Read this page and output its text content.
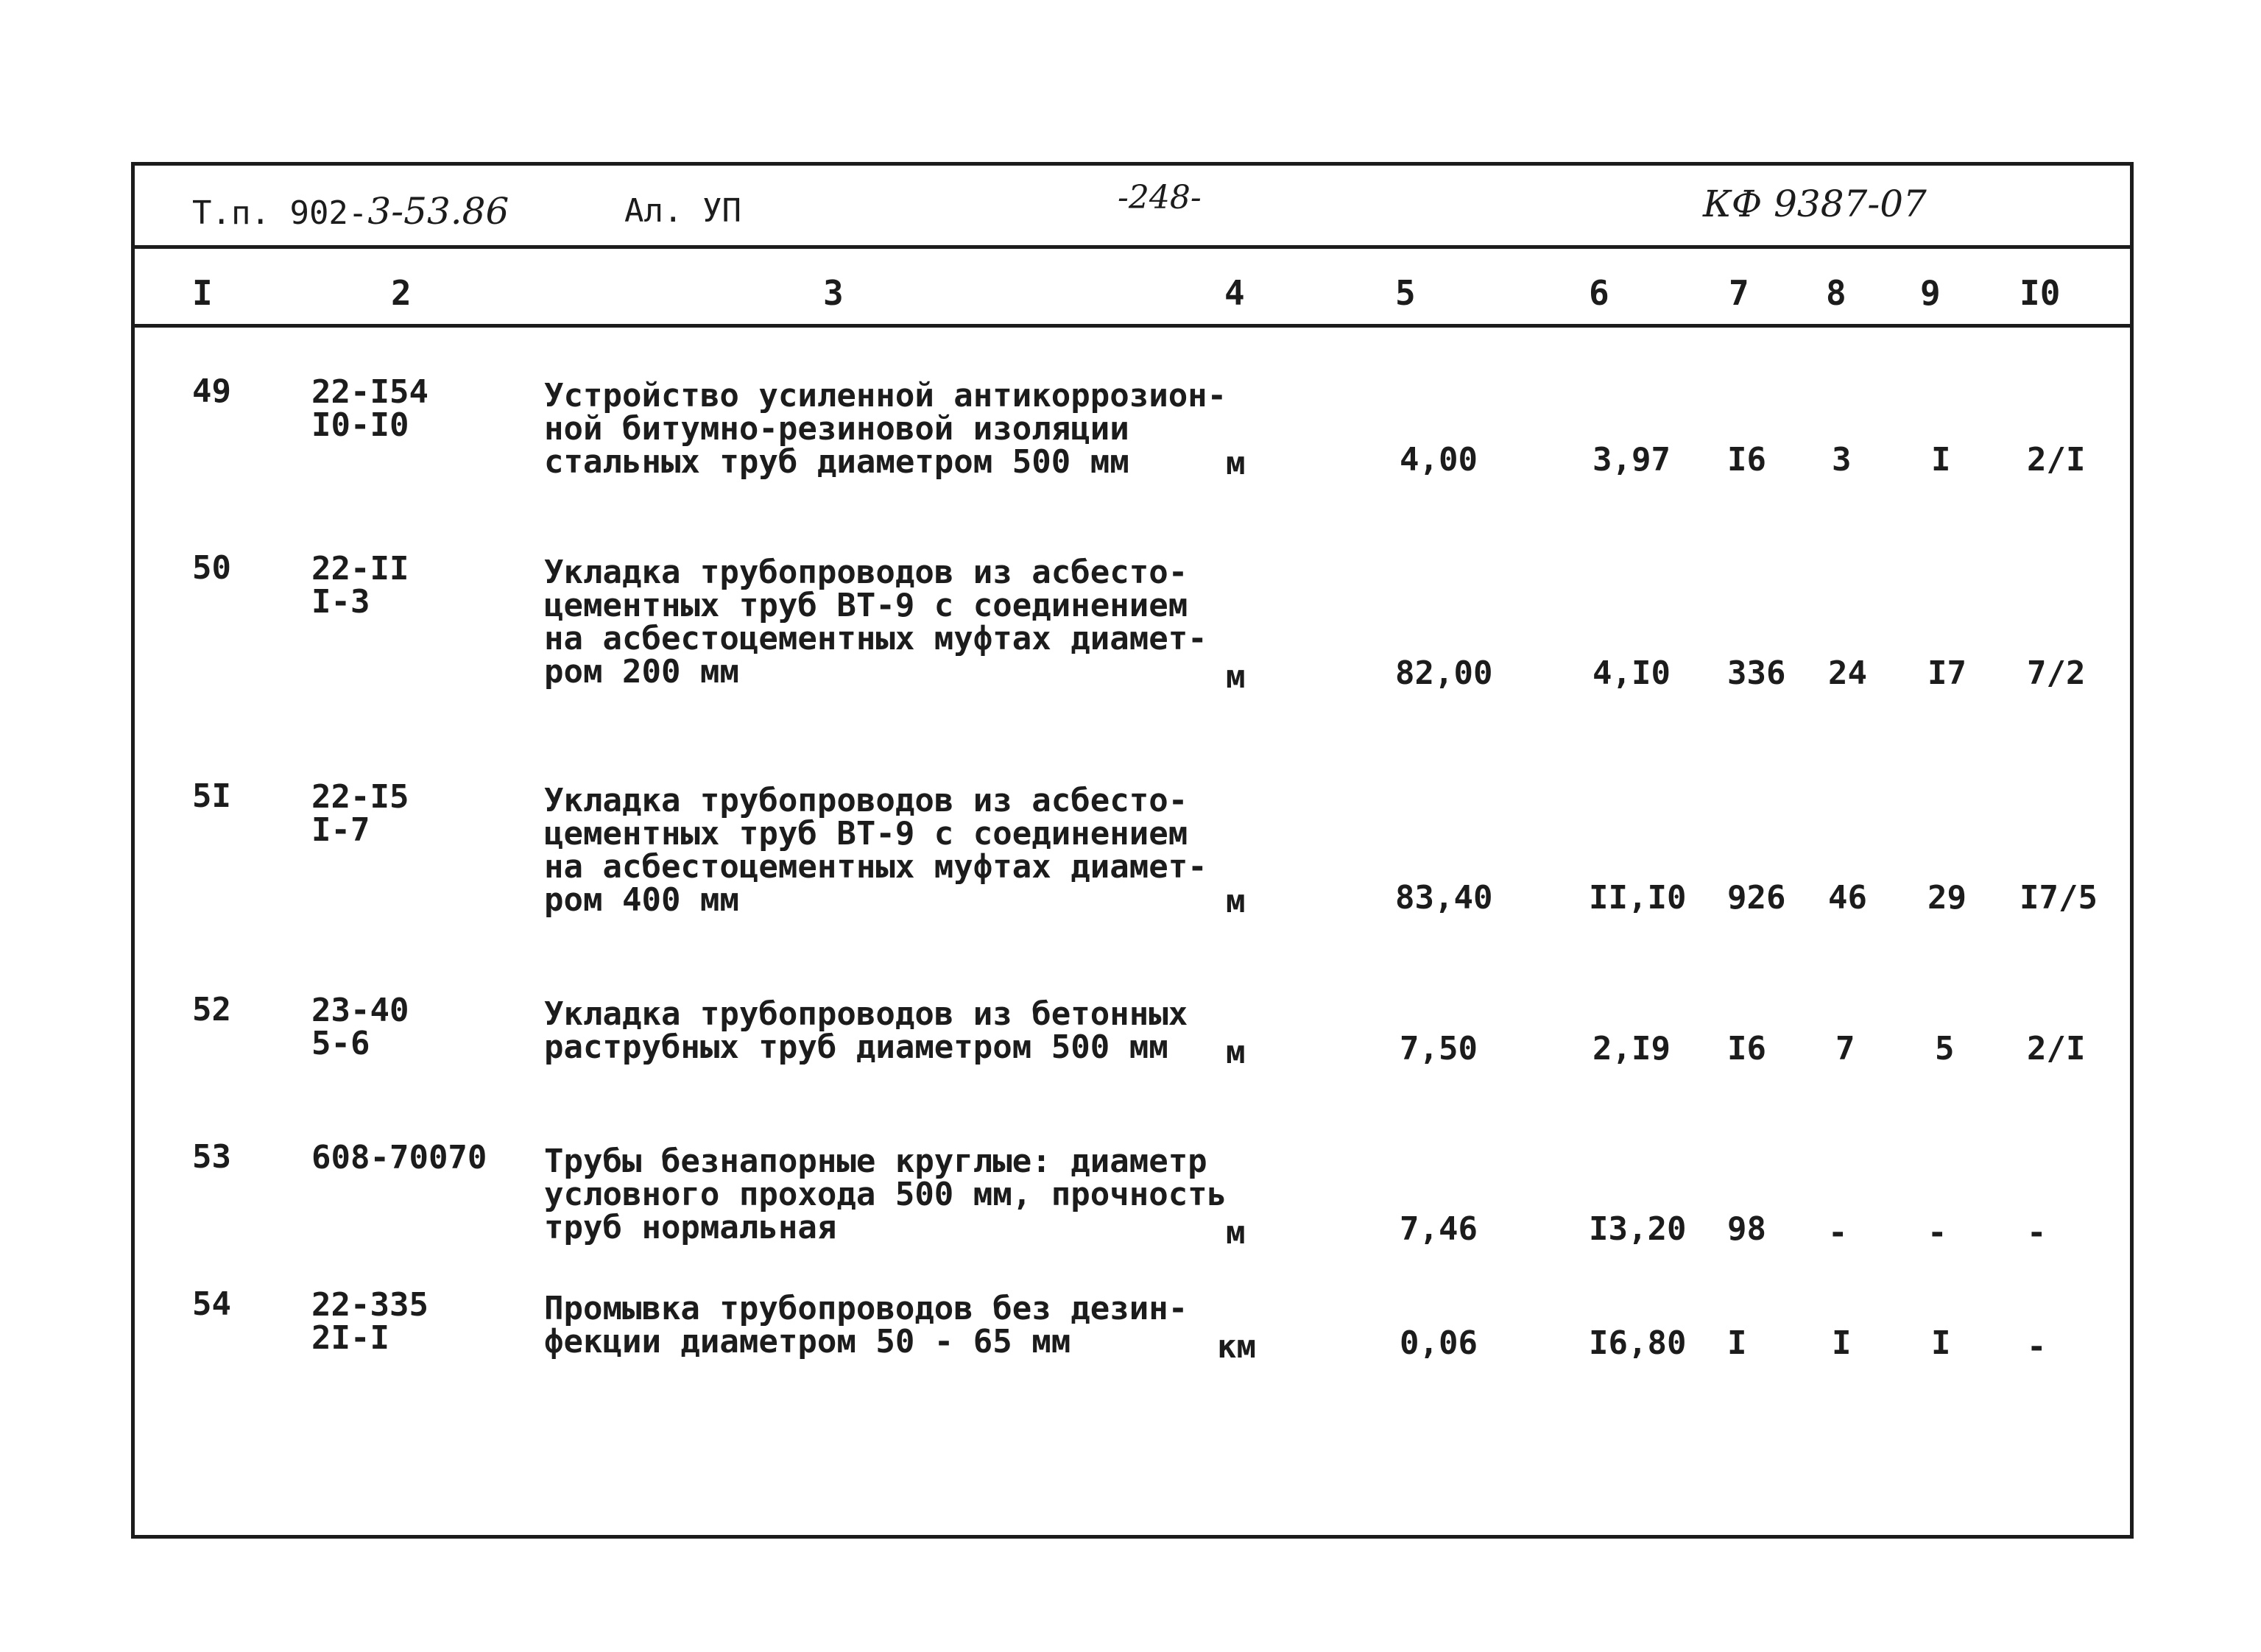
Т.п. 902-3-53.86	Ал. УП	-248-	КФ 9387-07
I	2	3	4	5	6	7 8 9 I0
49 22-I54
I0-I0
Устройство усиленной антикоррозион-
ной битумно-резиновой изоляции
стальных труб диаметром 500 мм	м	4,00	3,97 I6 3 I 2/I
50 22-II
I-3
Укладка трубопроводов из асбесто-
цементных труб ВТ-9 с соединением
на асбестоцементных муфтах диамет-
ром 200 мм	м	82,00	4,I0 336 24 I7 7/2
5I 22-I5
I-7
Укладка трубопроводов из асбесто-
цементных труб ВТ-9 с соединением
на асбестоцементных муфтах диамет-
ром 400 мм	м	83,40	II,I0 926 46 29 I7/5
52 23-40
5-6
Укладка трубопроводов из бетонных
раструбных труб диаметром 500 мм	м	7,50	2,I9 I6 7 5 2/I
53 608-70070 Трубы безнапорные круглые: диаметр
условного прохода 500 мм, прочность
труб нормальная	м	7,46	I3,20 98 - - -
54 22-335
2I-I
Промывка трубопроводов без дезин-
фекции диаметром 50 - 65 мм	км	0,06	I6,80 I	I I -
